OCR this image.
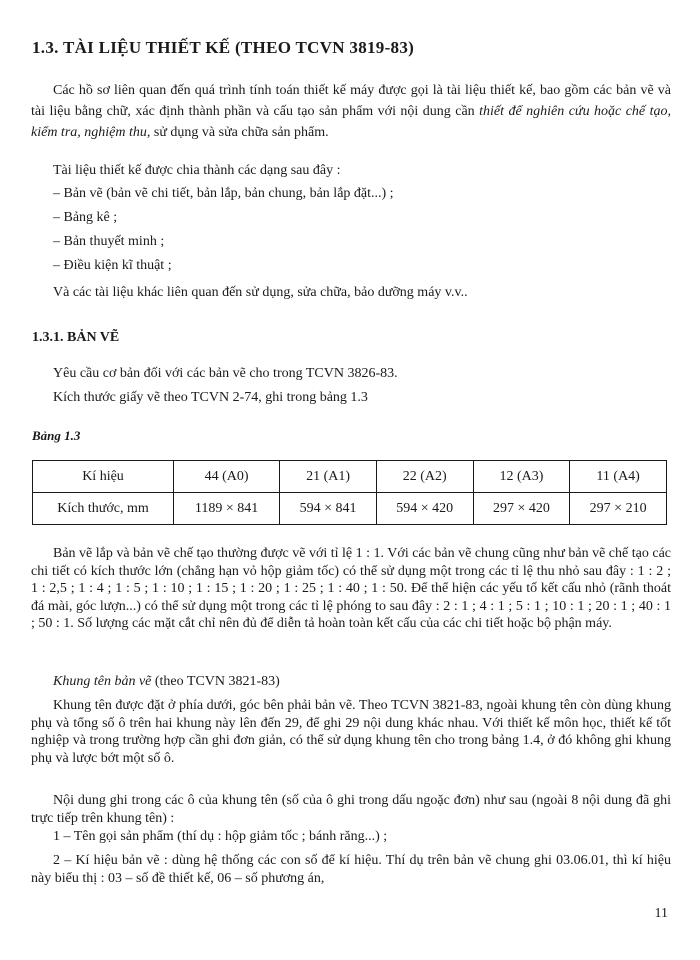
1.3. TÀI LIỆU THIẾT KẾ (THEO TCVN 3819-83)

Các hồ sơ liên quan đến quá trình tính toán thiết kế máy được gọi là tài liệu thiết kế, bao gồm các bản vẽ và tài liệu bằng chữ, xác định thành phần và cấu tạo sản phẩm với nội dung cần thiết để nghiên cứu hoặc chế tạo, kiểm tra, nghiệm thu, sử dụng và sửa chữa sản phẩm.

Tài liệu thiết kế được chia thành các dạng sau đây :
– Bản vẽ (bản vẽ chi tiết, bản lắp, bản chung, bản lắp đặt...) ;
– Bảng kê ;
– Bản thuyết minh ;
– Điều kiện kĩ thuật ;
Và các tài liệu khác liên quan đến sử dụng, sửa chữa, bảo dưỡng máy v.v..
1.3.1. BẢN VẼ
Yêu cầu cơ bản đối với các bản vẽ cho trong TCVN 3826-83.
Kích thước giấy vẽ theo TCVN 2-74, ghi trong bảng 1.3
Bảng 1.3
Kí hiệu	44 (A0)	21 (A1)	22 (A2)	12 (A3)	11 (A4)
Kích thước, mm	1189 × 841	594 × 841	594 × 420	297 × 420	297 × 210

Bản vẽ lắp và bản vẽ chế tạo thường được vẽ với tỉ lệ 1 : 1. Với các bản vẽ chung cũng như bản vẽ chế tạo các chi tiết có kích thước lớn (chẳng hạn vỏ hộp giảm tốc) có thể sử dụng một trong các tỉ lệ thu nhỏ sau đây : 1 : 2 ; 1 : 2,5 ; 1 : 4 ; 1 : 5 ; 1 : 10 ; 1 : 15 ; 1 : 20 ; 1 : 25 ; 1 : 40 ; 1 : 50. Để thể hiện các yếu tố kết cấu nhỏ (rãnh thoát đá mài, góc lượn...) có thể sử dụng một trong các tỉ lệ phóng to sau đây : 2 : 1 ; 4 : 1 ; 5 : 1 ; 10 : 1 ; 20 : 1 ; 40 : 1 ; 50 : 1. Số lượng các mặt cắt chỉ nên đủ để diễn tả hoàn toàn kết cấu của các chi tiết hoặc bộ phận máy.

Khung tên bản vẽ (theo TCVN 3821-83)

Khung tên được đặt ở phía dưới, góc bên phải bản vẽ. Theo TCVN 3821-83, ngoài khung tên còn dùng khung phụ và tổng số ô trên hai khung này lên đến 29, để ghi 29 nội dung khác nhau. Với thiết kế môn học, thiết kế tốt nghiệp và trong trường hợp cần ghi đơn giản, có thể sử dụng khung tên cho trong bảng 1.4, ở đó không ghi khung phụ và lược bớt một số ô.

Nội dung ghi trong các ô của khung tên (số của ô ghi trong dấu ngoặc đơn) như sau (ngoài 8 nội dung đã ghi trực tiếp trên khung tên) :

1 – Tên gọi sản phẩm (thí dụ : hộp giảm tốc ; bánh răng...) ;

2 – Kí hiệu bản vẽ : dùng hệ thống các con số để kí hiệu. Thí dụ trên bản vẽ chung ghi 03.06.01, thì kí hiệu này biểu thị : 03 – số đề thiết kế, 06 – số phương án,

11
